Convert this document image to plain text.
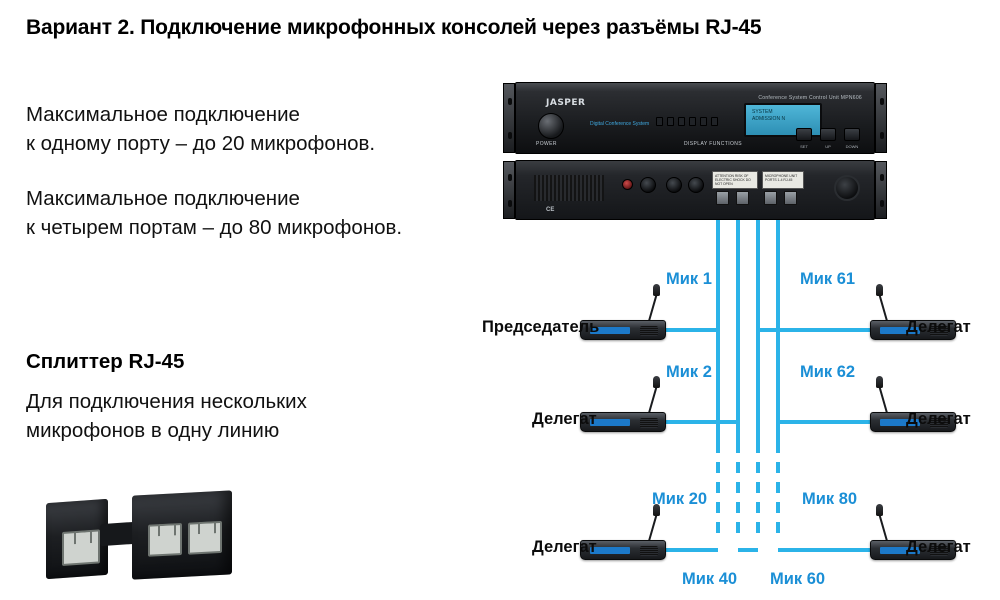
Вариант 2. Подключение микрофонных консолей через разъёмы RJ-45
Максимальное подключение
к одному порту – до 20 микрофонов.
Максимальное подключение
к четырем портам – до 80 микрофонов.
Сплиттер RJ-45
Для подключения нескольких
микрофонов в одну линию
JASPER	Conference System Control Unit MPN606
POWER
Digital Conference System
DISPLAY FUNCTIONS
SYSTEM
ADMISSION N
SET	UP	DOWN
CE
ATTENTION RISK OF ELECTRIC SHOCK DO NOT OPEN
MICROPHONE UNIT PORTS 1-4 RJ-45
Председатель	Делегат
Делегат	Делегат
Делегат	Делегат
Мик 1	Мик 61
Мик 2	Мик 62
Мик 20	Мик 80
Мик 40 Мик 60
